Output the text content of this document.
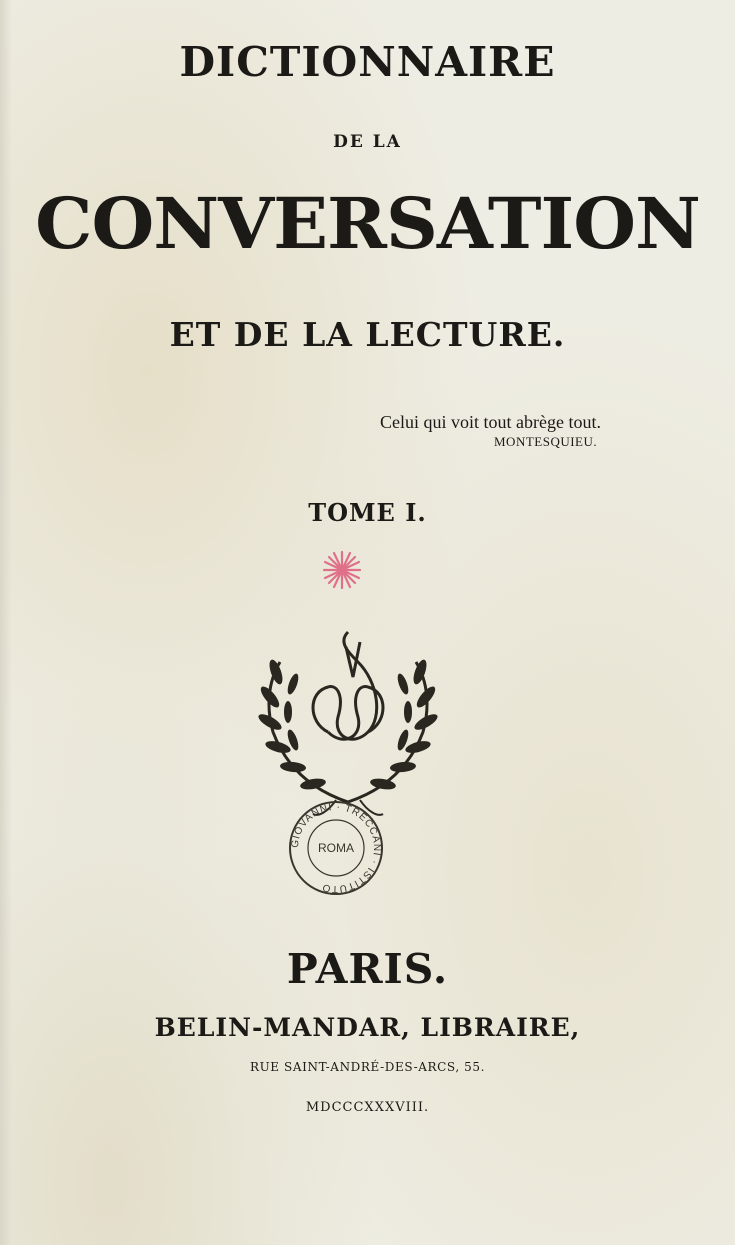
DICTIONNAIRE
DE LA
CONVERSATION
ET DE LA LECTURE.
Celui qui voit tout abrège tout.
MONTESQUIEU.
TOME I.
GIOVANNI · TRECCANI · ISTITUTO
ROMA
PARIS.
BELIN-MANDAR, LIBRAIRE,
RUE SAINT-ANDRÉ-DES-ARCS, 55.
MDCCCXXXVIII.
